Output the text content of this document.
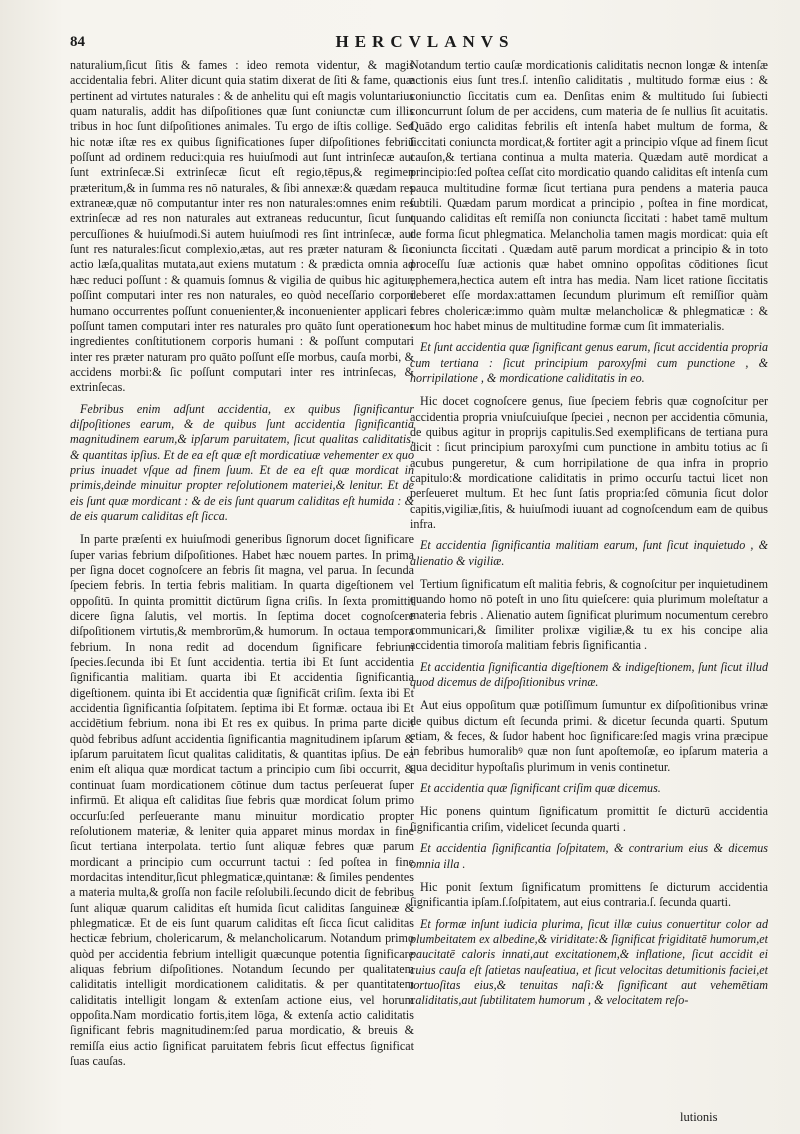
84	HERCVLANVS

naturalium,ſicut ſitis & fames : ideo remota videntur, & magis accidentalia febri. Aliter dicunt quia statim dixerat de ſiti & fame, quæ pertinent ad virtutes naturales : & de anhelitu qui eſt magis voluntarius quam naturalis, addit has diſpoſitiones quæ ſunt coniunctæ cum illis tribus in hoc ſunt diſpoſitiones animales. Tu ergo de iſtis collige. Sed hic notæ iſtæ res ex quibus ſignificationes ſuper diſpoſitiones febriū poſſunt ad ordinem reduci:quia res huiuſmodi aut ſunt intrinſecæ aut ſunt extrinſecæ.Si extrinſecæ ſicut eſt regio,tēpus,& regimen præteritum,& in ſumma res nō naturales, & ſibi annexæ:& quædam res extraneæ,quæ nō computantur inter res non naturales:omnes enim res extrinſecæ ad res non naturales aut extraneas reducuntur, ſicut ſunt percuſſiones & huiuſmodi.Si autem huiuſmodi res ſint intrinſecæ, aut ſunt res naturales:ſicut complexio,ætas, aut res præter naturam & ſic actio læſa,qualitas mutata,aut exiens mutatum : & prædicta omnia ad hæc reduci poſſunt : & quamuis ſomnus & vigilia de quibus hic agitur, poſſint computari inter res non naturales, eo quòd neceſſario corpori humano occurrentes poſſunt conuenienter,& inconuenienter applicari : poſſunt tamen computari inter res naturales pro quāto ſunt operationes ingredientes conſtitutionem corporis humani : & poſſunt computari inter res præter naturam pro quāto poſſunt eſſe morbus, cauſa morbi, & accidens morbi:& ſic poſſunt computari inter res intrinſecas, & extrinſecas.

Febribus enim adſunt accidentia, ex quibus ſignificantur diſpoſitiones earum, & de quibus ſunt accidentia ſignificantia magnitudinem earum,& ipſarum paruitatem, ſicut qualitas caliditatis, & quantitas ipſius. Et de ea eſt quæ eſt mordicatiuæ vehementer ex quo prius inuadet vſque ad finem ſuum. Et de ea eſt quæ mordicat in primis,deinde minuitur propter reſolutionem materiei,& lenitur. Et de eis ſunt quæ mordicant : & de eis ſunt quarum caliditas eſt humida : & de eis quarum caliditas eſt ſicca.

In parte præſenti ex huiuſmodi generibus ſignorum docet ſignificare ſuper varias febrium diſpoſitiones. Habet hæc nouem partes. In prima per ſigna docet cognoſcere an febris ſit magna, vel parua. In ſecunda ſpeciem febris. In tertia febris malitiam. In quarta digeſtionem vel oppoſitū. In quinta promittit dictūrum ſigna criſis. In ſexta promittit dicere ſigna ſalutis, vel mortis. In ſeptima docet cognoſcere diſpoſitionem virtutis,& membrorūm,& humorum. In octaua tempora febrium. In nona redit ad docendum ſignificare febrium ſpecies.ſecunda ibi Et ſunt accidentia. tertia ibi Et ſunt accidentia ſignificantia malitiam. quarta ibi Et accidentia ſignificantia digeſtionem. quinta ibi Et accidentia quæ ſignificāt criſim. ſexta ibi Et accidentia ſignificantia ſoſpitatem. ſeptima ibi Et formæ. octaua ibi Et accidētium febrium. nona ibi Et res ex quibus. In prima parte dicit quòd febribus adſunt accidentia ſignificantia magnitudinem ipſarum & ipſarum paruitatem ſicut qualitas caliditatis, & quantitas ipſius. De ea enim eſt aliqua quæ mordicat tactum a principio cum ſibi occurrit, & continuat ſuam mordicationem cōtinue dum tactus perſeuerat ſuper infirmū. Et aliqua eſt caliditas ſiue febris quæ mordicat ſolum primo occurſu:ſed perſeuerante manu minuitur mordicatio propter reſolutionem materiæ, & leniter quia apparet minus mordax in fine ſicut tertiana interpolata. tertio ſunt aliquæ febres quæ parum mordicant a principio cum occurrunt tactui : ſed poſtea in fine mordacitas intenditur,ſicut phlegmaticæ,quintanæ: & ſimiles pendentes a materia multa,& groſſa non facile reſolubili.ſecundo dicit de febribus ſunt aliquæ quarum caliditas eſt humida ſicut caliditas ſanguineæ & phlegmaticæ. Et de eis ſunt quarum caliditas eſt ſicca ſicut caliditas hecticæ febrium, cholericarum, & melancholicarum. Notandum primo quòd per accidentia febrium intelligit quæcunque potentia ſignificare aliquas febrium diſpoſitiones. Notandum ſecundo per qualitatem caliditatis intelligit mordicationem caliditatis. & per quantitatem caliditatis intelligit longam & extenſam actione eius, vel horum oppoſita.Nam mordicatio fortis,item lōga, & extenſa actio caliditatis ſignificant febris magnitudinem:ſed parua mordicatio, & breuis & remiſſa eius actio ſignificat paruitatem febris ſicut effectus ſignificat ſuas cauſas.

Notandum tertio cauſæ mordicationis caliditatis necnon longæ & intenſæ actionis eius ſunt tres.ſ. intenſio caliditatis , multitudo formæ eius : & coniunctio ſiccitatis cum ea. Denſitas enim & multitudo ſui ſubiecti concurrunt ſolum de per accidens, cum materia de ſe nullius ſit acuitatis. Quādo ergo caliditas febrilis eſt intenſa habet multum de forma, & ſiccitati coniuncta mordicat,& fortiter agit a principio vſque ad finem ſicut cauſon,& tertiana continua a multa materia. Quædam autē mordicat a principio:ſed poſtea ceſſat cito mordicatio quando caliditas eſt intenſa cum pauca multitudine formæ ſicut tertiana pura pendens a materia pauca ſubtili. Quædam parum mordicat a principio , poſtea in fine mordicat, quando caliditas eſt remiſſa non coniuncta ſiccitati : habet tamē multum de forma ſicut phlegmatica. Melancholia tamen magis mordicat: quia eſt coniuncta ſiccitati . Quædam autē parum mordicat a principio & in toto proceſſu ſuæ actionis quæ habet omnino oppoſitas cōditiones ſicut ephemera,hectica autem eſt intra has media. Nam licet ratione ſiccitatis deberet eſſe mordax:attamen ſecundum plurimum eſt remiſſior quàm febres cholericæ:immo quàm multæ melancholicæ & phlegmaticæ : & cum hoc habet minus de multitudine formæ cum ſit immaterialis.

Et ſunt accidentia quæ ſignificant genus earum, ſicut accidentia propria cum tertiana : ſicut principium paroxyſmi cum punctione , & horripilatione , & mordicatione caliditatis in eo.

Hic docet cognoſcere genus, ſiue ſpeciem febris quæ cognoſcitur per accidentia propria vniuſcuiuſque ſpeciei , necnon per accidentia cōmunia, de quibus agitur in proprijs capitulis.Sed exemplificans de tertiana pura dicit : ſicut principium paroxyſmi cum punctione in ambitu totius ac ſi acubus pungeretur, & cum horripilatione de qua infra in proprio capitulo:& mordicatione caliditatis in primo occurſu tactui licet non perſeueret multum. Et hec ſunt ſatis propria:ſed cōmunia ſicut dolor capitis,vigiliæ,ſitis, & huiuſmodi iuuant ad cognoſcendum eam de quibus infra.

Et accidentia ſignificantia malitiam earum, ſunt ſicut inquietudo , & alienatio & vigiliæ.

Tertium ſignificatum eſt malitia febris, & cognoſcitur per inquietudinem quando homo nō poteſt in uno ſitu quieſcere: quia plurimum moleſtatur a materia febris . Alienatio autem ſignificat plurimum nocumentum cerebro communicari,& ſimiliter prolixæ vigiliæ,& tu ex his concipe alia accidentia timoroſa malitiam febris ſignificantia .

Et accidentia ſignificantia digeſtionem & indigeſtionem, ſunt ſicut illud quod dicemus de diſpoſitionibus vrinæ.

Aut eius oppoſitum quæ potiſſimum ſumuntur ex diſpoſitionibus vrinæ de quibus dictum eſt ſecunda primi. & dicetur ſecunda quarti. Sputum etiam, & feces, & ſudor habent hoc ſignificare:ſed magis vrina præcipue in febribus humoralibꝰ quæ non ſunt apoſtemoſæ, eo ipſarum materia a qua deciditur hypoſtaſis plurimum in venis continetur.

Et accidentia quæ ſignificant criſim quæ dicemus.

Hic ponens quintum ſignificatum promittit ſe dicturū accidentia ſignificantia criſim, videlicet ſecunda quarti .

Et accidentia ſignificantia ſoſpitatem, & contrarium eius & dicemus omnia illa .

Hic ponit ſextum ſignificatum promittens ſe dicturum accidentia ſignificantia ipſam.ſ.ſoſpitatem, aut eius contraria.ſ. ſecunda quarti.

Et formæ inſunt iudicia plurima, ſicut illæ cuius conuertitur color ad plumbeitatem ex albedine,& viriditate:& ſignificat frigiditatē humorum,et paucitatē caloris innati,aut excitationem,& inflatione, ſicut accidit ei cuius cauſa eſt ſatietas nauſeatiua, et ſicut velocitas detumitionis faciei,et tortuoſitas eius,& tenuitas naſi:& ſignificant aut vehemētiam caliditatis,aut ſubtilitatem humorum , & velocitatem reſo-

lutionis
